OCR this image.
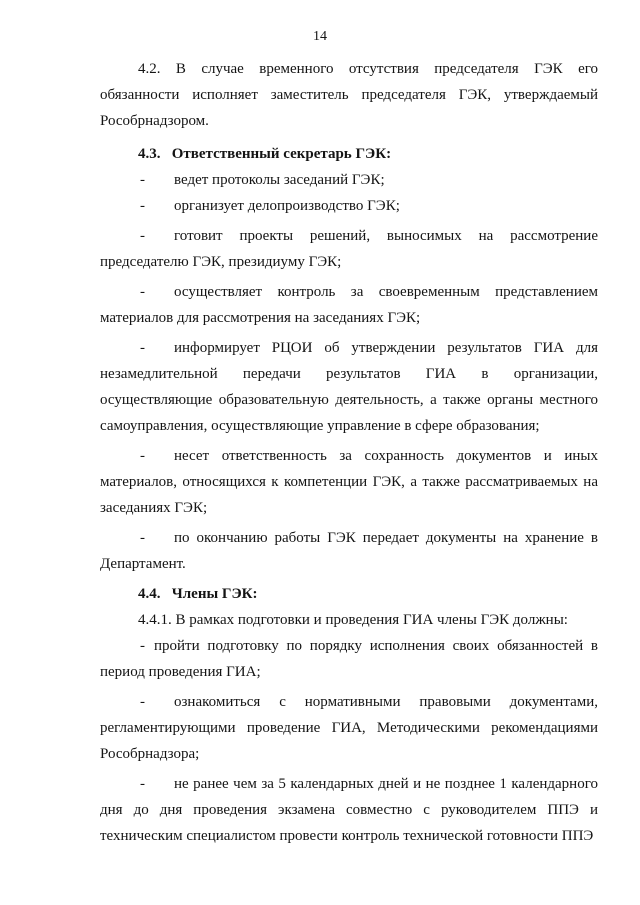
14

4.2. В случае временного отсутствия председателя ГЭК его обязанности исполняет заместитель председателя ГЭК, утверждаемый Рособрнадзором.

4.3. Ответственный секретарь ГЭК:

- ведет протоколы заседаний ГЭК;

- организует делопроизводство ГЭК;

- готовит проекты решений, выносимых на рассмотрение председателю ГЭК, президиуму ГЭК;

- осуществляет контроль за своевременным представлением материалов для рассмотрения на заседаниях ГЭК;

- информирует РЦОИ об утверждении результатов ГИА для незамедлительной передачи результатов ГИА в организации, осуществляющие образовательную деятельность, а также органы местного самоуправления, осуществляющие управление в сфере образования;

- несет ответственность за сохранность документов и иных материалов, относящихся к компетенции ГЭК, а также рассматриваемых на заседаниях ГЭК;

- по окончанию работы ГЭК передает документы на хранение в Департамент.

4.4. Члены ГЭК:

4.4.1. В рамках подготовки и проведения ГИА члены ГЭК должны:

- пройти подготовку по порядку исполнения своих обязанностей в период проведения ГИА;

- ознакомиться с нормативными правовыми документами, регламентирующими проведение ГИА, Методическими рекомендациями Рособрнадзора;

- не ранее чем за 5 календарных дней и не позднее 1 календарного дня до дня проведения экзамена совместно с руководителем ППЭ и техническим специалистом провести контроль технической готовности ППЭ
